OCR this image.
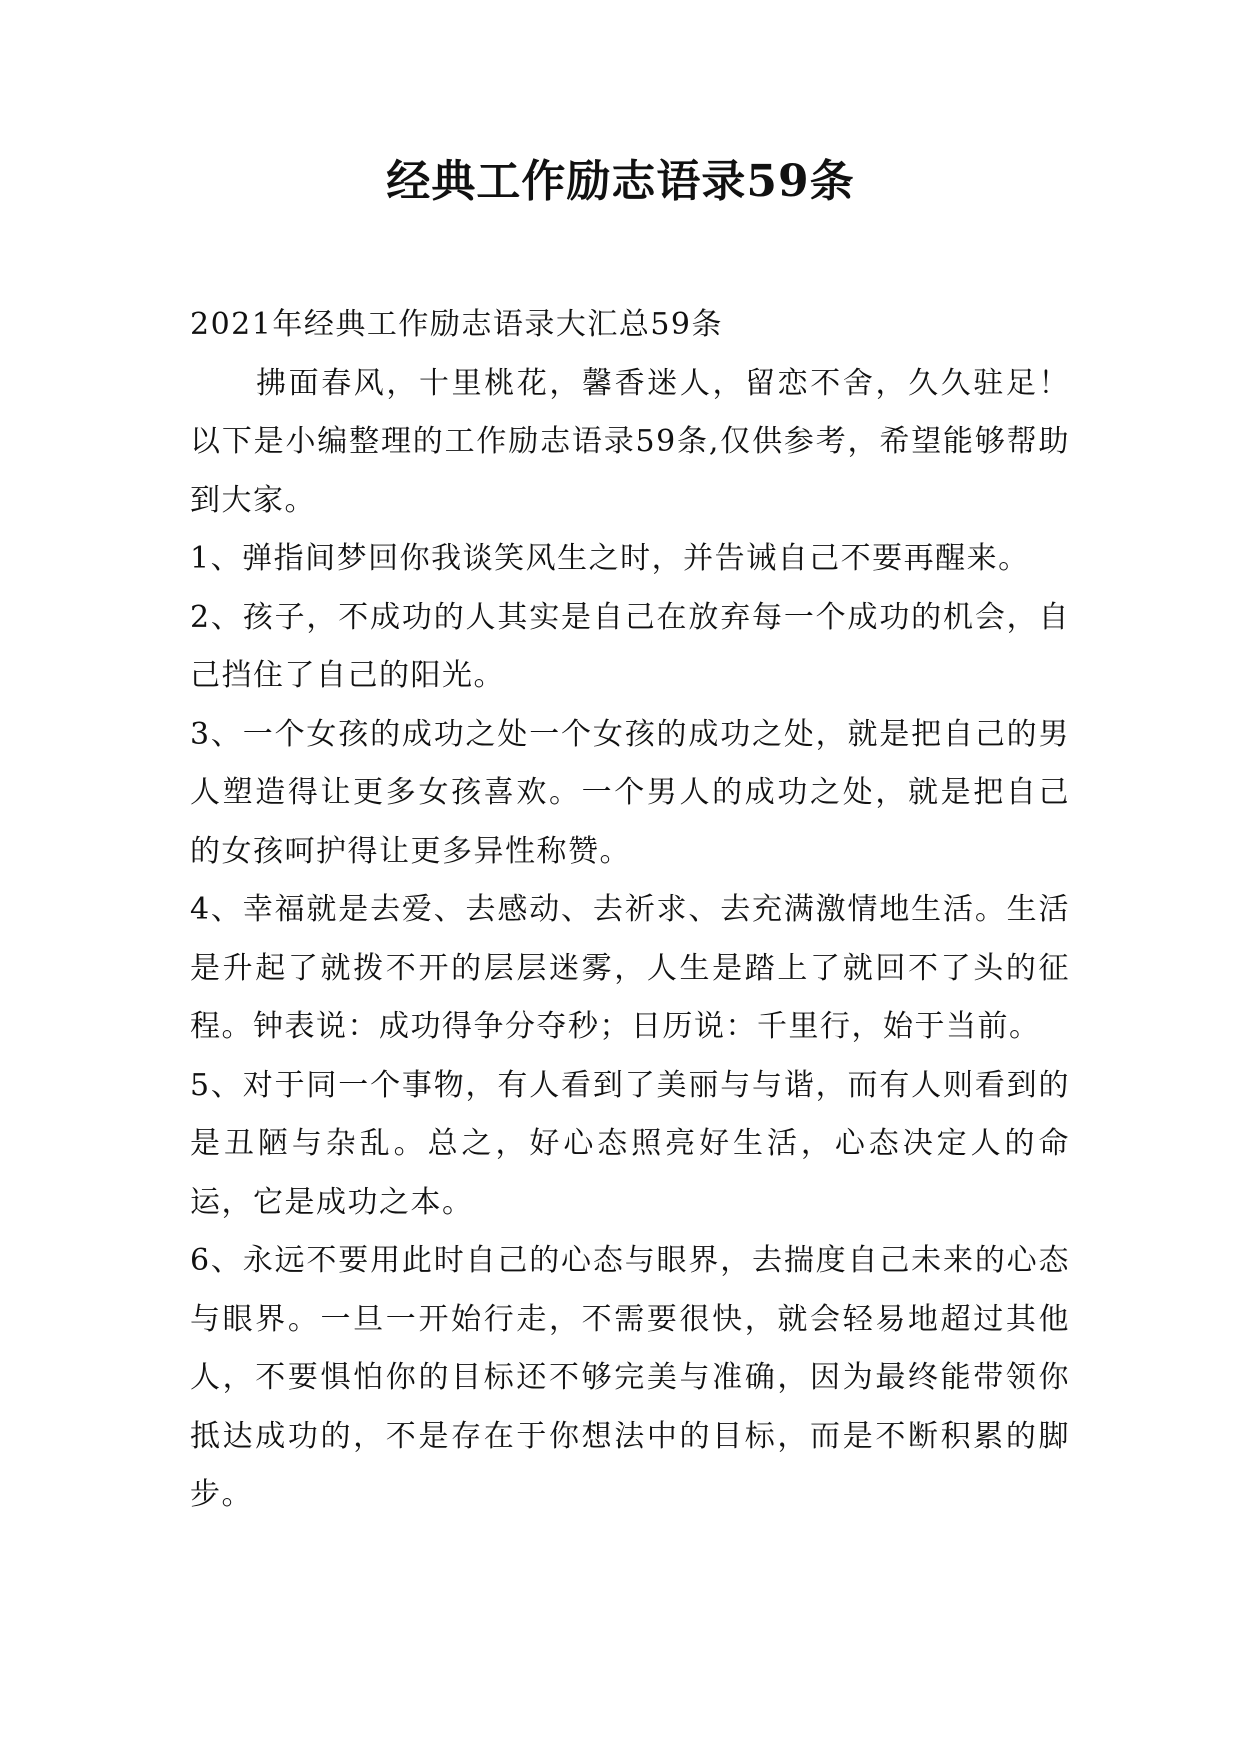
经典工作励志语录59条

2021年经典工作励志语录大汇总59条

拂面春风，十里桃花，馨香迷人，留恋不舍，久久驻足！以下是小编整理的工作励志语录59条,仅供参考，希望能够帮助到大家。

1、弹指间梦回你我谈笑风生之时，并告诫自己不要再醒来。

2、孩子，不成功的人其实是自己在放弃每一个成功的机会，自己挡住了自己的阳光。

3、一个女孩的成功之处一个女孩的成功之处，就是把自己的男人塑造得让更多女孩喜欢。一个男人的成功之处，就是把自己的女孩呵护得让更多异性称赞。

4、幸福就是去爱、去感动、去祈求、去充满激情地生活。生活是升起了就拨不开的层层迷雾，人生是踏上了就回不了头的征程。钟表说：成功得争分夺秒；日历说：千里行，始于当前。

5、对于同一个事物，有人看到了美丽与与谐，而有人则看到的是丑陋与杂乱。总之，好心态照亮好生活，心态决定人的命运，它是成功之本。

6、永远不要用此时自己的心态与眼界，去揣度自己未来的心态与眼界。一旦一开始行走，不需要很快，就会轻易地超过其他人，不要惧怕你的目标还不够完美与准确，因为最终能带领你抵达成功的，不是存在于你想法中的目标，而是不断积累的脚步。
